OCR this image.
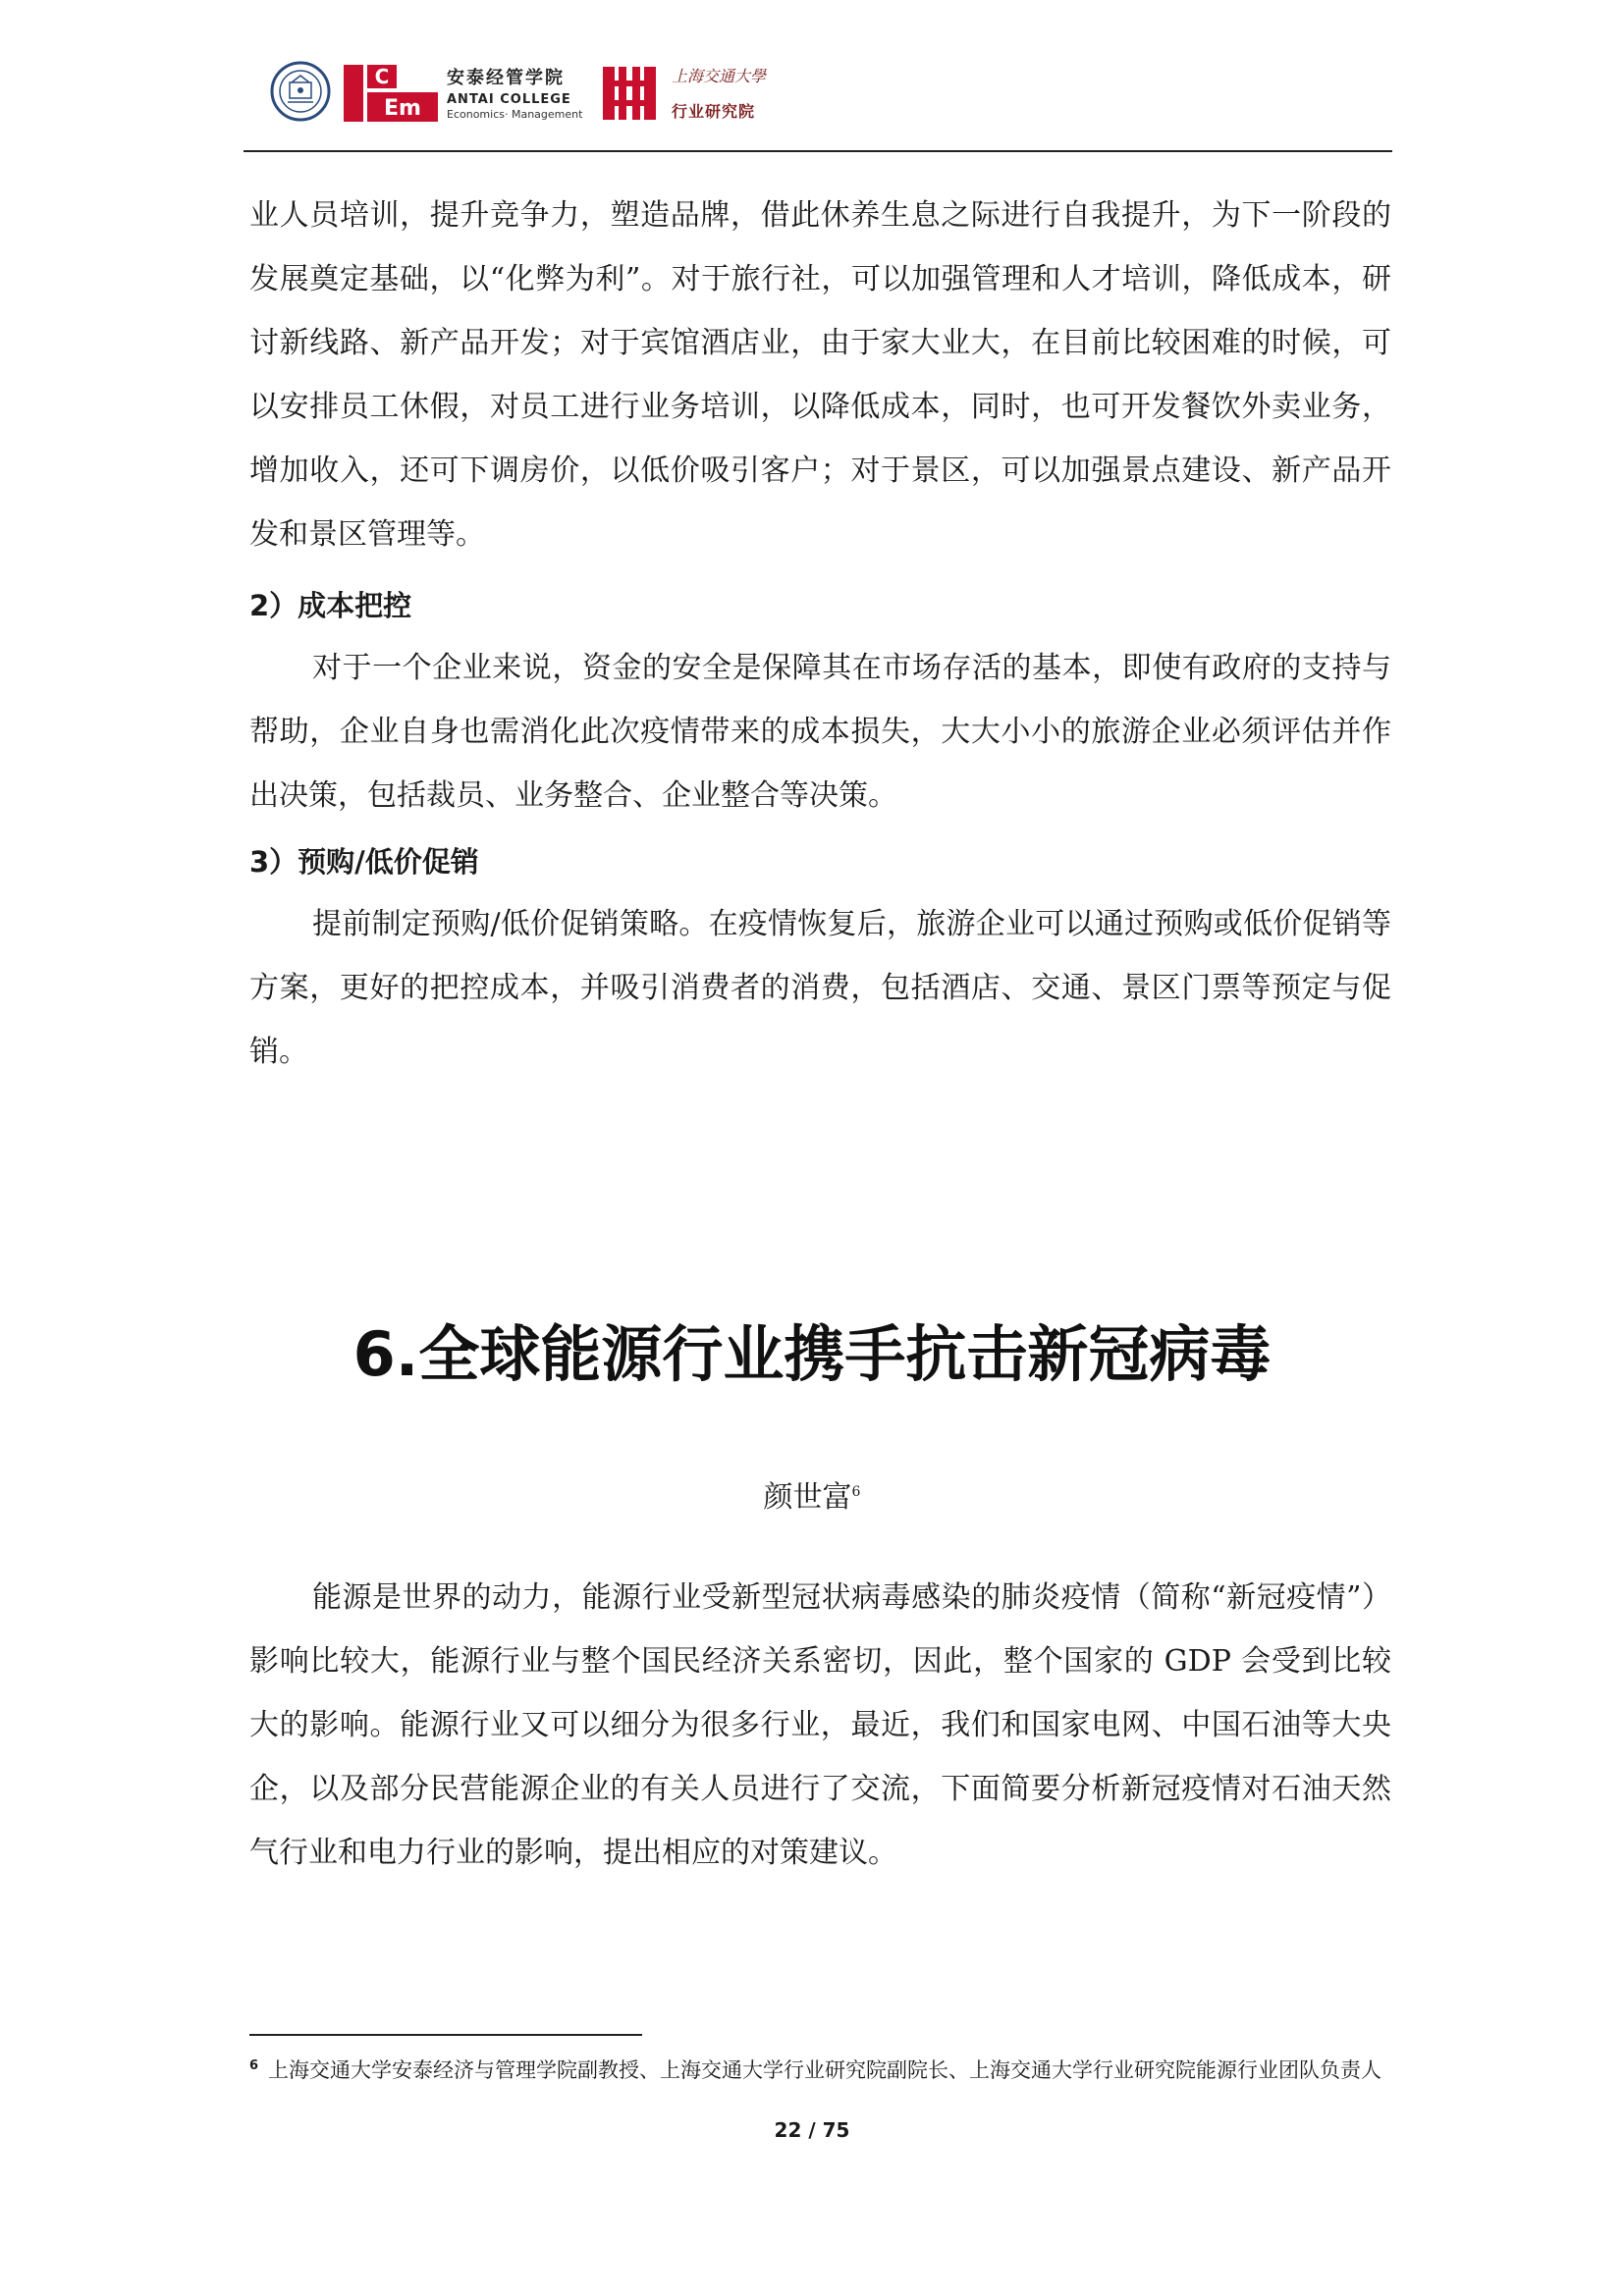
C
Em
安泰经管学院
ANTAI COLLEGE
Economics· Management
上海交通大學
行业研究院

业人员培训，提升竞争力，塑造品牌，借此休养生息之际进行自我提升，为下一阶段的发展奠定基础，以“化弊为利”。对于旅行社，可以加强管理和人才培训，降低成本，研讨新线路、新产品开发；对于宾馆酒店业，由于家大业大，在目前比较困难的时候，可以安排员工休假，对员工进行业务培训，以降低成本，同时，也可开发餐饮外卖业务，增加收入，还可下调房价，以低价吸引客户；对于景区，可以加强景点建设、新产品开发和景区管理等。

2）成本把控

对于一个企业来说，资金的安全是保障其在市场存活的基本，即使有政府的支持与帮助，企业自身也需消化此次疫情带来的成本损失，大大小小的旅游企业必须评估并作出决策，包括裁员、业务整合、企业整合等决策。

3）预购/低价促销

提前制定预购/低价促销策略。在疫情恢复后，旅游企业可以通过预购或低价促销等方案，更好的把控成本，并吸引消费者的消费，包括酒店、交通、景区门票等预定与促销。

6.全球能源行业携手抗击新冠病毒
颜世富$^6$

能源是世界的动力，能源行业受新型冠状病毒感染的肺炎疫情（简称“新冠疫情”）影响比较大，能源行业与整个国民经济关系密切，因此，整个国家的 GDP 会受到比较大的影响。能源行业又可以细分为很多行业，最近，我们和国家电网、中国石油等大央企，以及部分民营能源企业的有关人员进行了交流，下面简要分析新冠疫情对石油天然气行业和电力行业的影响，提出相应的对策建议。

$^6$ 上海交通大学安泰经济与管理学院副教授、上海交通大学行业研究院副院长、上海交通大学行业研究院能源行业团队负责人

22 / 75
